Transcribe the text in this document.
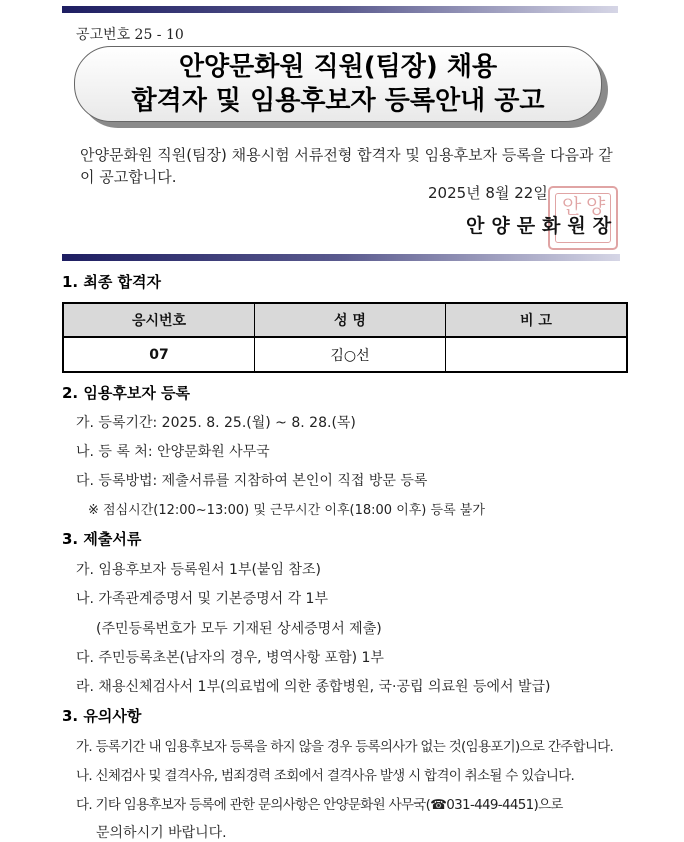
공고번호 25 - 10
안양문화원 직원(팀장) 채용
합격자 및 임용후보자 등록안내 공고
안양문화원 직원(팀장) 채용시험 서류전형 합격자 및 임용후보자 등록을 다음과 같이 공고합니다.
2025년 8월 22일
안 양
안양문화원장
1. 최종 합격자
응시번호	성 명	비 고
07	김○선	
2. 임용후보자 등록
가. 등록기간: 2025. 8. 25.(월) ~ 8. 28.(목)
나. 등 록 처: 안양문화원 사무국
다. 등록방법: 제출서류를 지참하여 본인이 직접 방문 등록
※ 점심시간(12:00~13:00) 및 근무시간 이후(18:00 이후) 등록 불가
3. 제출서류
가. 임용후보자 등록원서 1부(붙임 참조)
나. 가족관계증명서 및 기본증명서 각 1부
(주민등록번호가 모두 기재된 상세증명서 제출)
다. 주민등록초본(남자의 경우, 병역사항 포함) 1부
라. 채용신체검사서 1부(의료법에 의한 종합병원, 국·공립 의료원 등에서 발급)
3. 유의사항
가. 등록기간 내 임용후보자 등록을 하지 않을 경우 등록의사가 없는 것(임용포기)으로 간주합니다.
나. 신체검사 및 결격사유, 범죄경력 조회에서 결격사유 발생 시 합격이 취소될 수 있습니다.
다. 기타 임용후보자 등록에 관한 문의사항은 안양문화원 사무국(☎031-449-4451)으로
문의하시기 바랍니다.
